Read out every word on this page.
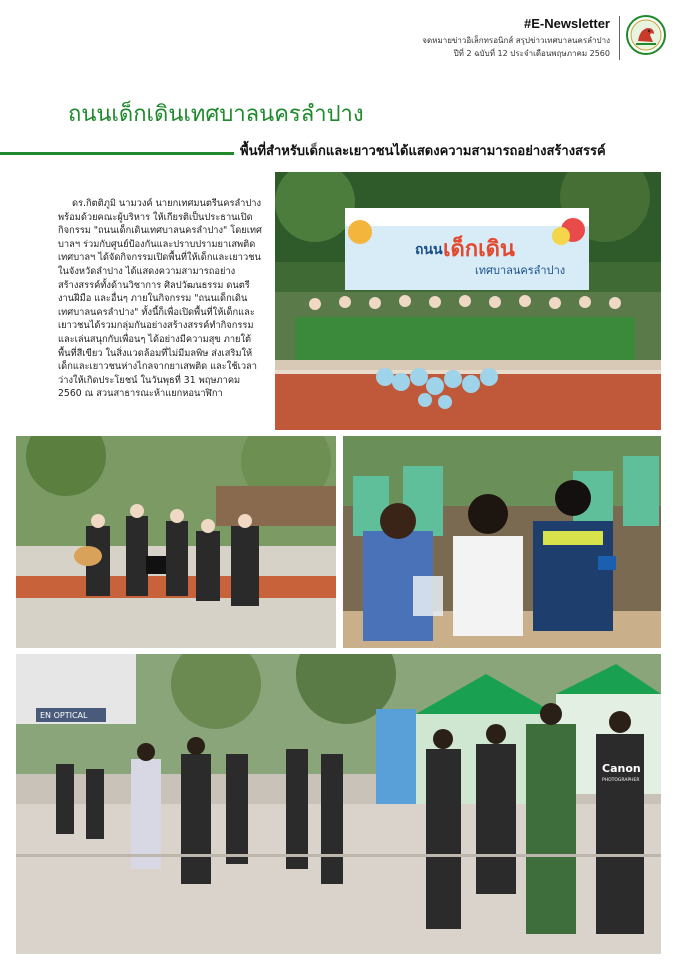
#E-Newsletter
จดหมายข่าวอิเล็กทรอนิกส์ สรุปข่าวเทศบาลนครลำปาง
ปีที่ 2 ฉบับที่ 12 ประจำเดือนพฤษภาคม 2560
ถนนเด็กเดินเทศบาลนครลำปาง
พื้นที่สำหรับเด็กและเยาวชนได้แสดงความสามารถอย่างสร้างสรรค์
ดร.กิตติภูมิ นามวงค์ นายกเทศมนตรีนครลำปาง พร้อมด้วยคณะผู้บริหาร ให้เกียรติเป็นประธานเปิดกิจกรรม "ถนนเด็กเดินเทศบาลนครลำปาง" โดยเทศบาลฯ ร่วมกับศูนย์ป้องกันและปราบปรามยาเสพติดเทศบาลฯ ได้จัดกิจกรรมเปิดพื้นที่ให้เด็กและเยาวชนในจังหวัดลำปาง ได้แสดงความสามารถอย่างสร้างสรรค์ทั้งด้านวิชาการ ศิลปวัฒนธรรม ดนตรี งานฝีมือ และอื่นๆ ภายในกิจกรรม "ถนนเด็กเดินเทศบาลนครลำปาง" ทั้งนี้ก็เพื่อเปิดพื้นที่ให้เด็กและเยาวชนได้รวมกลุ่มกันอย่างสร้างสรรค์ทำกิจกรรมและเล่นสนุกกับเพื่อนๆ ได้อย่างมีความสุข ภายใต้พื้นที่สีเขียว ในสิ่งแวดล้อมที่ไม่มีมลพิษ ส่งเสริมให้เด็กและเยาวชนห่างไกลจากยาเสพติด และใช้เวลาว่างให้เกิดประโยชน์ ในวันพุธที่ 31 พฤษภาคม 2560 ณ สวนสาธารณะห้าแยกหอนาฬิกา
ถนน เด็กเดิน
เทศบาลนครลำปาง
EN OPTICAL
Canon
PHOTOGRAPHER
